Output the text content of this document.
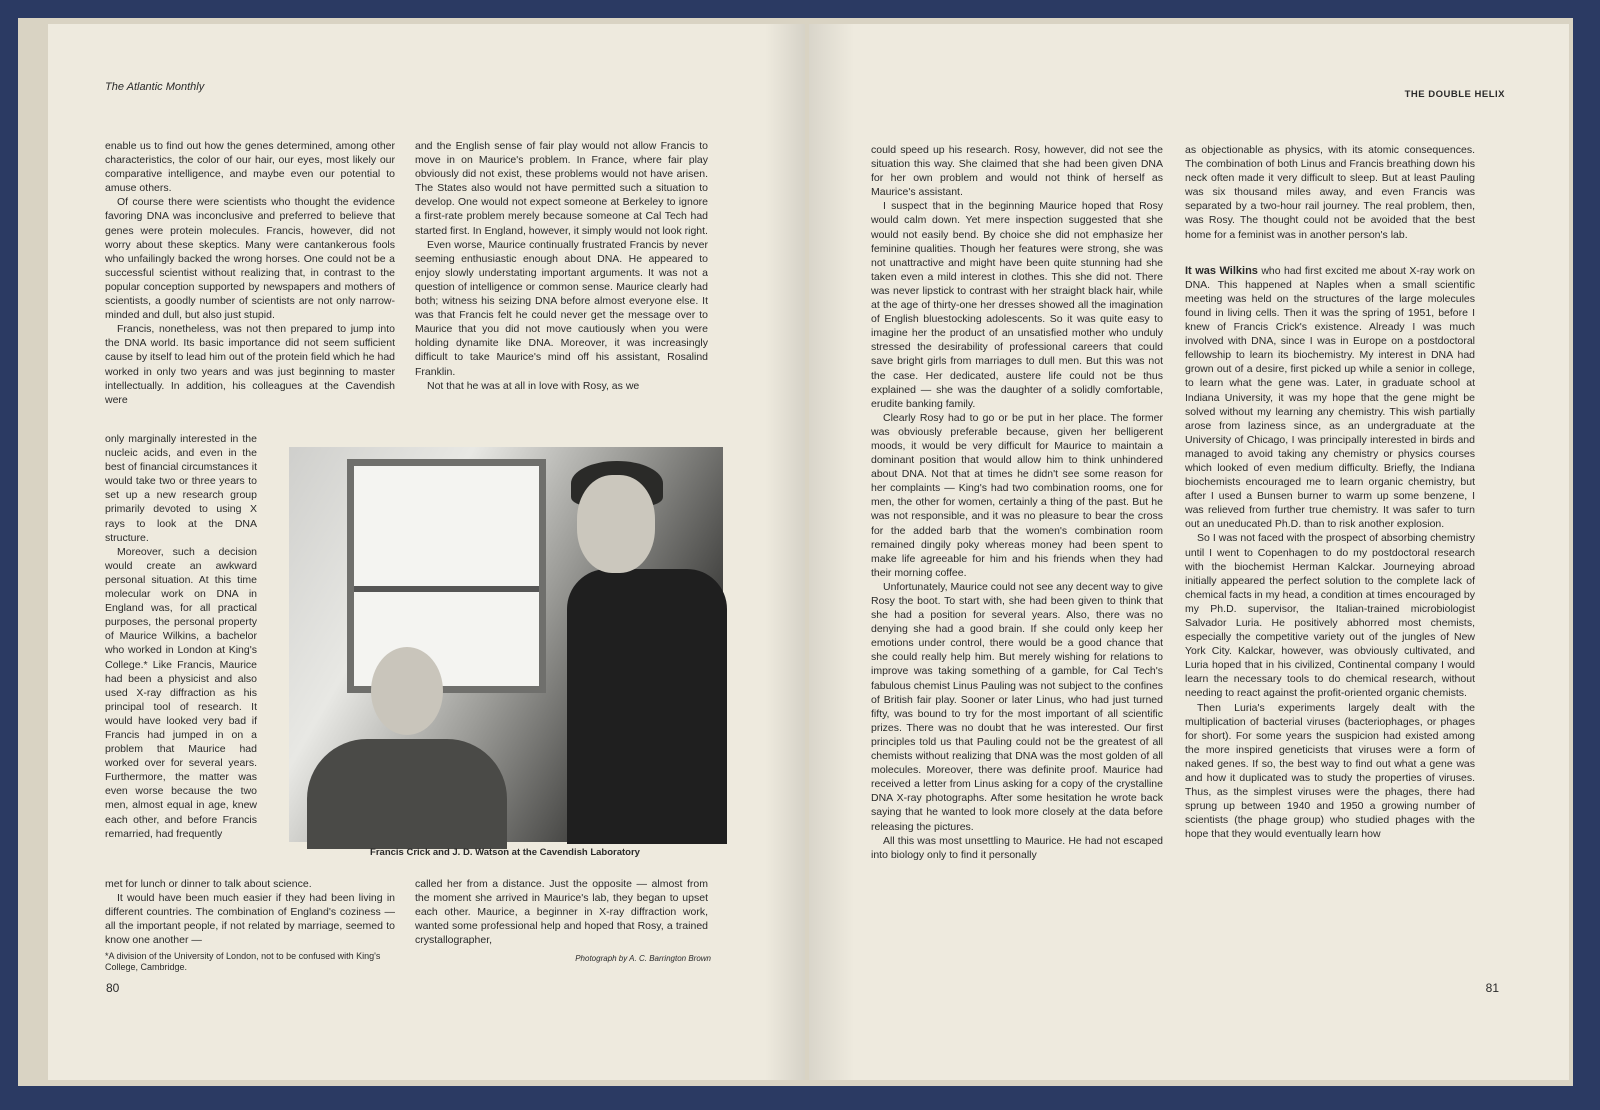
The Atlantic Monthly

enable us to find out how the genes determined, among other characteristics, the color of our hair, our eyes, most likely our comparative intelligence, and maybe even our potential to amuse others.

Of course there were scientists who thought the evidence favoring DNA was inconclusive and preferred to believe that genes were protein molecules. Francis, however, did not worry about these skeptics. Many were cantankerous fools who unfailingly backed the wrong horses. One could not be a successful scientist without realizing that, in contrast to the popular conception supported by newspapers and mothers of scientists, a goodly number of scientists are not only narrow-minded and dull, but also just stupid.

Francis, nonetheless, was not then prepared to jump into the DNA world. Its basic importance did not seem sufficient cause by itself to lead him out of the protein field which he had worked in only two years and was just beginning to master intellectually. In addition, his colleagues at the Cavendish were

only marginally interested in the nucleic acids, and even in the best of financial circumstances it would take two or three years to set up a new research group primarily devoted to using X rays to look at the DNA structure.

Moreover, such a decision would create an awkward personal situation. At this time molecular work on DNA in England was, for all practical purposes, the personal property of Maurice Wilkins, a bachelor who worked in London at King's College.* Like Francis, Maurice had been a physicist and also used X-ray diffraction as his principal tool of research. It would have looked very bad if Francis had jumped in on a problem that Maurice had worked over for several years. Furthermore, the matter was even worse because the two men, almost equal in age, knew each other, and before Francis remarried, had frequently

met for lunch or dinner to talk about science.

It would have been much easier if they had been living in different countries. The combination of England's coziness — all the important people, if not related by marriage, seemed to know one another —

and the English sense of fair play would not allow Francis to move in on Maurice's problem. In France, where fair play obviously did not exist, these problems would not have arisen. The States also would not have permitted such a situation to develop. One would not expect someone at Berkeley to ignore a first-rate problem merely because someone at Cal Tech had started first. In England, however, it simply would not look right.

Even worse, Maurice continually frustrated Francis by never seeming enthusiastic enough about DNA. He appeared to enjoy slowly understating important arguments. It was not a question of intelligence or common sense. Maurice clearly had both; witness his seizing DNA before almost everyone else. It was that Francis felt he could never get the message over to Maurice that you did not move cautiously when you were holding dynamite like DNA. Moreover, it was increasingly difficult to take Maurice's mind off his assistant, Rosalind Franklin.

Not that he was at all in love with Rosy, as we

Francis Crick and J. D. Watson at the Cavendish Laboratory

called her from a distance. Just the opposite — almost from the moment she arrived in Maurice's lab, they began to upset each other. Maurice, a beginner in X-ray diffraction work, wanted some professional help and hoped that Rosy, a trained crystallographer,

Photograph by A. C. Barrington Brown
*A division of the University of London, not to be confused with King's College, Cambridge.
80
THE DOUBLE HELIX

could speed up his research. Rosy, however, did not see the situation this way. She claimed that she had been given DNA for her own problem and would not think of herself as Maurice's assistant.

I suspect that in the beginning Maurice hoped that Rosy would calm down. Yet mere inspection suggested that she would not easily bend. By choice she did not emphasize her feminine qualities. Though her features were strong, she was not unattractive and might have been quite stunning had she taken even a mild interest in clothes. This she did not. There was never lipstick to contrast with her straight black hair, while at the age of thirty-one her dresses showed all the imagination of English bluestocking adolescents. So it was quite easy to imagine her the product of an unsatisfied mother who unduly stressed the desirability of professional careers that could save bright girls from marriages to dull men. But this was not the case. Her dedicated, austere life could not be thus explained — she was the daughter of a solidly comfortable, erudite banking family.

Clearly Rosy had to go or be put in her place. The former was obviously preferable because, given her belligerent moods, it would be very difficult for Maurice to maintain a dominant position that would allow him to think unhindered about DNA. Not that at times he didn't see some reason for her complaints — King's had two combination rooms, one for men, the other for women, certainly a thing of the past. But he was not responsible, and it was no pleasure to bear the cross for the added barb that the women's combination room remained dingily poky whereas money had been spent to make life agreeable for him and his friends when they had their morning coffee.

Unfortunately, Maurice could not see any decent way to give Rosy the boot. To start with, she had been given to think that she had a position for several years. Also, there was no denying she had a good brain. If she could only keep her emotions under control, there would be a good chance that she could really help him. But merely wishing for relations to improve was taking something of a gamble, for Cal Tech's fabulous chemist Linus Pauling was not subject to the confines of British fair play. Sooner or later Linus, who had just turned fifty, was bound to try for the most important of all scientific prizes. There was no doubt that he was interested. Our first principles told us that Pauling could not be the greatest of all chemists without realizing that DNA was the most golden of all molecules. Moreover, there was definite proof. Maurice had received a letter from Linus asking for a copy of the crystalline DNA X-ray photographs. After some hesitation he wrote back saying that he wanted to look more closely at the data before releasing the pictures.

All this was most unsettling to Maurice. He had not escaped into biology only to find it personally

as objectionable as physics, with its atomic consequences. The combination of both Linus and Francis breathing down his neck often made it very difficult to sleep. But at least Pauling was six thousand miles away, and even Francis was separated by a two-hour rail journey. The real problem, then, was Rosy. The thought could not be avoided that the best home for a feminist was in another person's lab.

It was Wilkins who had first excited me about X-ray work on DNA. This happened at Naples when a small scientific meeting was held on the structures of the large molecules found in living cells. Then it was the spring of 1951, before I knew of Francis Crick's existence. Already I was much involved with DNA, since I was in Europe on a postdoctoral fellowship to learn its biochemistry. My interest in DNA had grown out of a desire, first picked up while a senior in college, to learn what the gene was. Later, in graduate school at Indiana University, it was my hope that the gene might be solved without my learning any chemistry. This wish partially arose from laziness since, as an undergraduate at the University of Chicago, I was principally interested in birds and managed to avoid taking any chemistry or physics courses which looked of even medium difficulty. Briefly, the Indiana biochemists encouraged me to learn organic chemistry, but after I used a Bunsen burner to warm up some benzene, I was relieved from further true chemistry. It was safer to turn out an uneducated Ph.D. than to risk another explosion.

So I was not faced with the prospect of absorbing chemistry until I went to Copenhagen to do my postdoctoral research with the biochemist Herman Kalckar. Journeying abroad initially appeared the perfect solution to the complete lack of chemical facts in my head, a condition at times encouraged by my Ph.D. supervisor, the Italian-trained microbiologist Salvador Luria. He positively abhorred most chemists, especially the competitive variety out of the jungles of New York City. Kalckar, however, was obviously cultivated, and Luria hoped that in his civilized, Continental company I would learn the necessary tools to do chemical research, without needing to react against the profit-oriented organic chemists.

Then Luria's experiments largely dealt with the multiplication of bacterial viruses (bacteriophages, or phages for short). For some years the suspicion had existed among the more inspired geneticists that viruses were a form of naked genes. If so, the best way to find out what a gene was and how it duplicated was to study the properties of viruses. Thus, as the simplest viruses were the phages, there had sprung up between 1940 and 1950 a growing number of scientists (the phage group) who studied phages with the hope that they would eventually learn how

81
